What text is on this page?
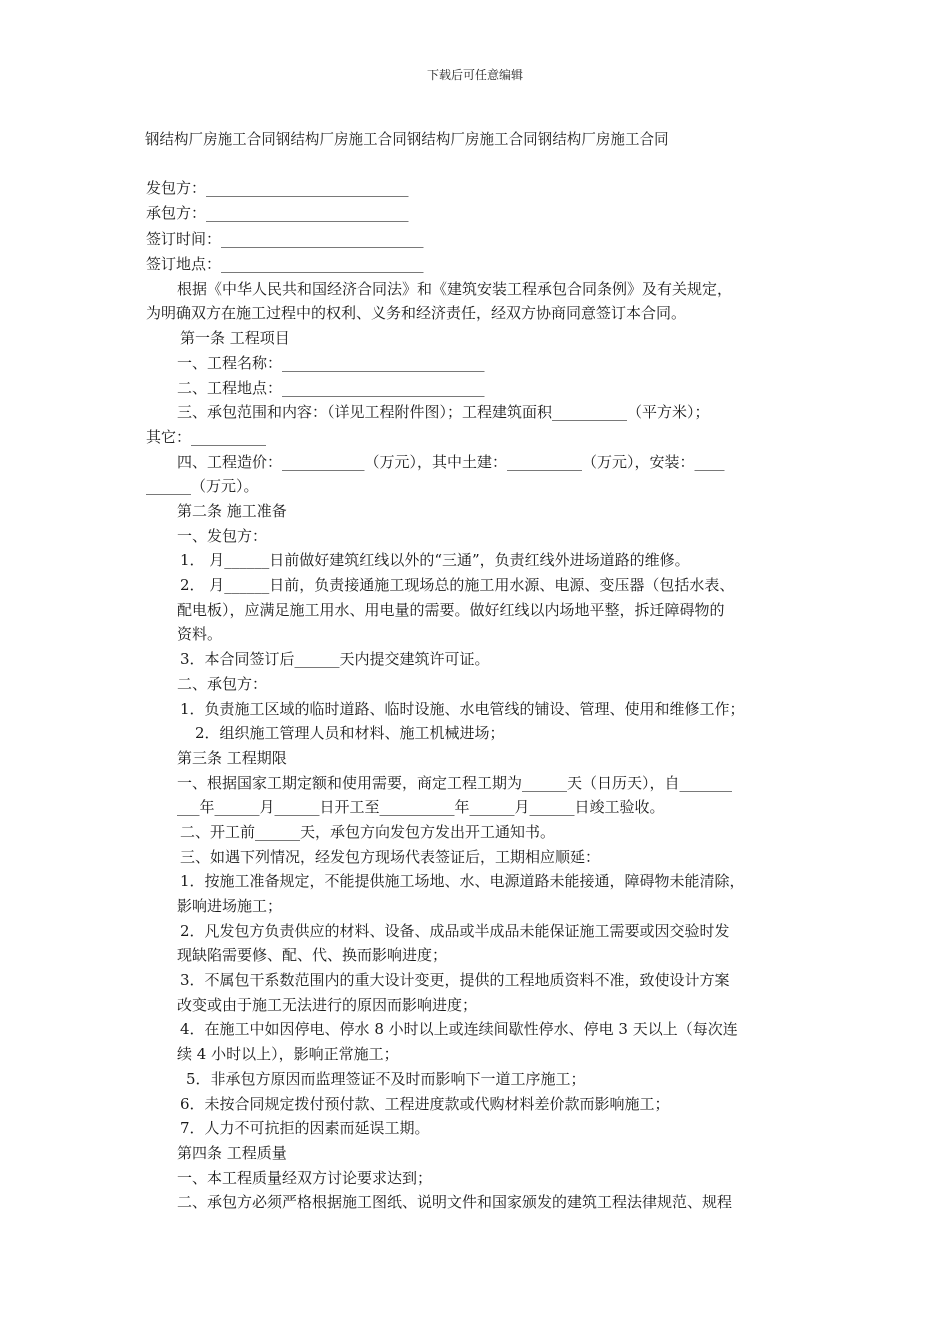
下载后可任意编辑
钢结构厂房施工合同钢结构厂房施工合同钢结构厂房施工合同钢结构厂房施工合同
发包方：___________________________
承包方：___________________________
签订时间：___________________________
签订地点：___________________________
根据《中华人民共和国经济合同法》和《建筑安装工程承包合同条例》及有关规定，
为明确双方在施工过程中的权利、义务和经济责任，经双方协商同意签订本合同。
第一条 工程项目
一、工程名称：___________________________
二、工程地点：___________________________
三、承包范围和内容：（详见工程附件图）；工程建筑面积__________（平方米）；
其它：__________
四、工程造价：___________（万元），其中土建：__________（万元），安装：____
______（万元）。
第二条 施工准备
一、发包方：
1． 月______日前做好建筑红线以外的“三通”，负责红线外进场道路的维修。
2． 月______日前，负责接通施工现场总的施工用水源、电源、变压器（包括水表、
配电板），应满足施工用水、用电量的需要。做好红线以内场地平整，拆迁障碍物的
资料。
3．本合同签订后______天内提交建筑许可证。
二、承包方：
1．负责施工区域的临时道路、临时设施、水电管线的铺设、管理、使用和维修工作；
2．组织施工管理人员和材料、施工机械进场；
第三条 工程期限
一、根据国家工期定额和使用需要，商定工程工期为______天（日历天），自_______
___年______月______日开工至__________年______月______日竣工验收。
二、开工前______天，承包方向发包方发出开工通知书。
三、如遇下列情况，经发包方现场代表签证后，工期相应顺延：
1．按施工准备规定，不能提供施工场地、水、电源道路未能接通，障碍物未能清除，
影响进场施工；
2．凡发包方负责供应的材料、设备、成品或半成品未能保证施工需要或因交验时发
现缺陷需要修、配、代、换而影响进度；
3．不属包干系数范围内的重大设计变更，提供的工程地质资料不准，致使设计方案
改变或由于施工无法进行的原因而影响进度；
4．在施工中如因停电、停水 8 小时以上或连续间歇性停水、停电 3 天以上（每次连
续 4 小时以上），影响正常施工；
5．非承包方原因而监理签证不及时而影响下一道工序施工；
6．未按合同规定拨付预付款、工程进度款或代购材料差价款而影响施工；
7．人力不可抗拒的因素而延误工期。
第四条 工程质量
一、本工程质量经双方讨论要求达到；
二、承包方必须严格根据施工图纸、说明文件和国家颁发的建筑工程法律规范、规程
